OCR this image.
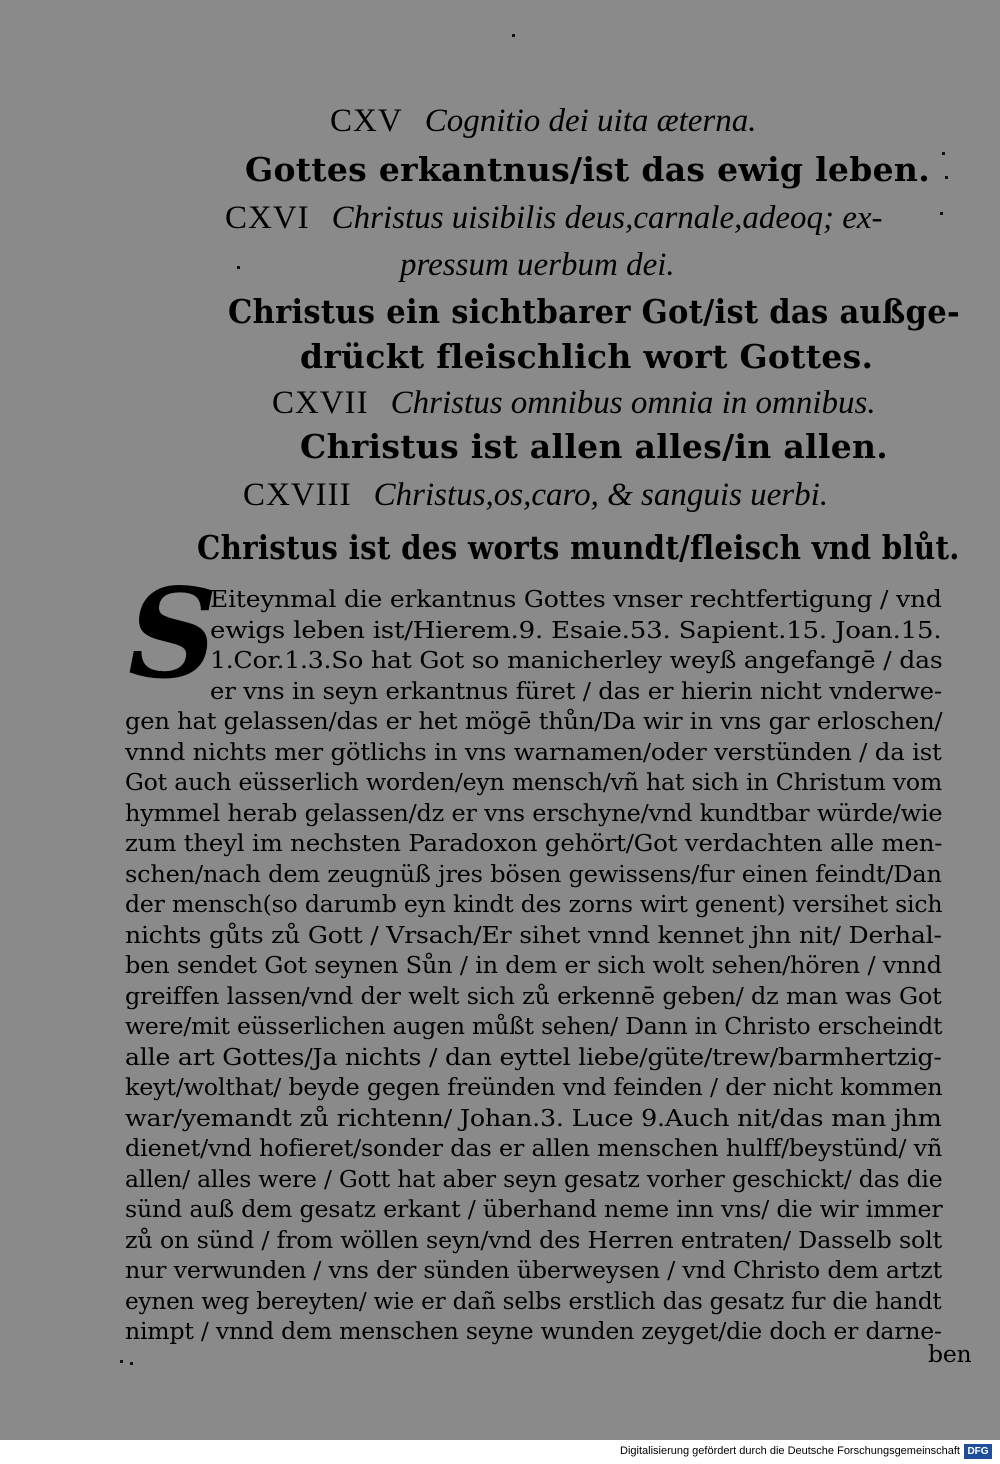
CXV Cognitio dei uita æterna.
Gottes erkantnus/ist das ewig leben.
CXVI Christus uisibilis deus,carnale,adeoq; ex-
pressum uerbum dei.
Christus ein sichtbarer Got/ist das außge-
drückt fleischlich wort Gottes.
CXVII Christus omnibus omnia in omnibus.
Christus ist allen alles/in allen.
CXVIII Christus,os,caro, & sanguis uerbi.
Christus ist des worts mundt/fleisch vnd blůt.
S
Eiteynmal die erkantnus Gottes vnser rechtfertigung / vnd
ewigs leben ist/Hierem.9. Esaie.53. Sapient.15. Joan.15.
1.Cor.1.3.So hat Got so manicherley weyß angefangē / das
er vns in seyn erkantnus füret / das er hierin nicht vnderwe-
gen hat gelassen/das er het mögē thůn/Da wir in vns gar erloschen/
vnnd nichts mer götlichs in vns warnamen/oder verstünden / da ist
Got auch eüsserlich worden/eyn mensch/vñ hat sich in Christum vom
hymmel herab gelassen/dz er vns erschyne/vnd kundtbar würde/wie
zum theyl im nechsten Paradoxon gehört/Got verdachten alle men-
schen/nach dem zeugnüß jres bösen gewissens/fur einen feindt/Dan
der mensch(so darumb eyn kindt des zorns wirt genent) versihet sich
nichts gůts zů Gott / Vrsach/Er sihet vnnd kennet jhn nit/ Derhal-
ben sendet Got seynen Sůn / in dem er sich wolt sehen/hören / vnnd
greiffen lassen/vnd der welt sich zů erkennē geben/ dz man was Got
were/mit eüsserlichen augen můßt sehen/ Dann in Christo erscheindt
alle art Gottes/Ja nichts / dan eyttel liebe/güte/trew/barmhertzig-
keyt/wolthat/ beyde gegen freünden vnd feinden / der nicht kommen
war/yemandt zů richtenn/ Johan.3. Luce 9.Auch nit/das man jhm
dienet/vnd hofieret/sonder das er allen menschen hulff/beystünd/ vñ
allen/ alles were / Gott hat aber seyn gesatz vorher geschickt/ das die
sünd auß dem gesatz erkant / überhand neme inn vns/ die wir immer
zů on sünd / from wöllen seyn/vnd des Herren entraten/ Dasselb solt
nur verwunden / vns der sünden überweysen / vnd Christo dem artzt
eynen weg bereyten/ wie er dañ selbs erstlich das gesatz fur die handt
nimpt / vnnd dem menschen seyne wunden zeyget/die doch er darne-
ben
Digitalisierung gefördert durch die Deutsche Forschungsgemeinschaft DFG
